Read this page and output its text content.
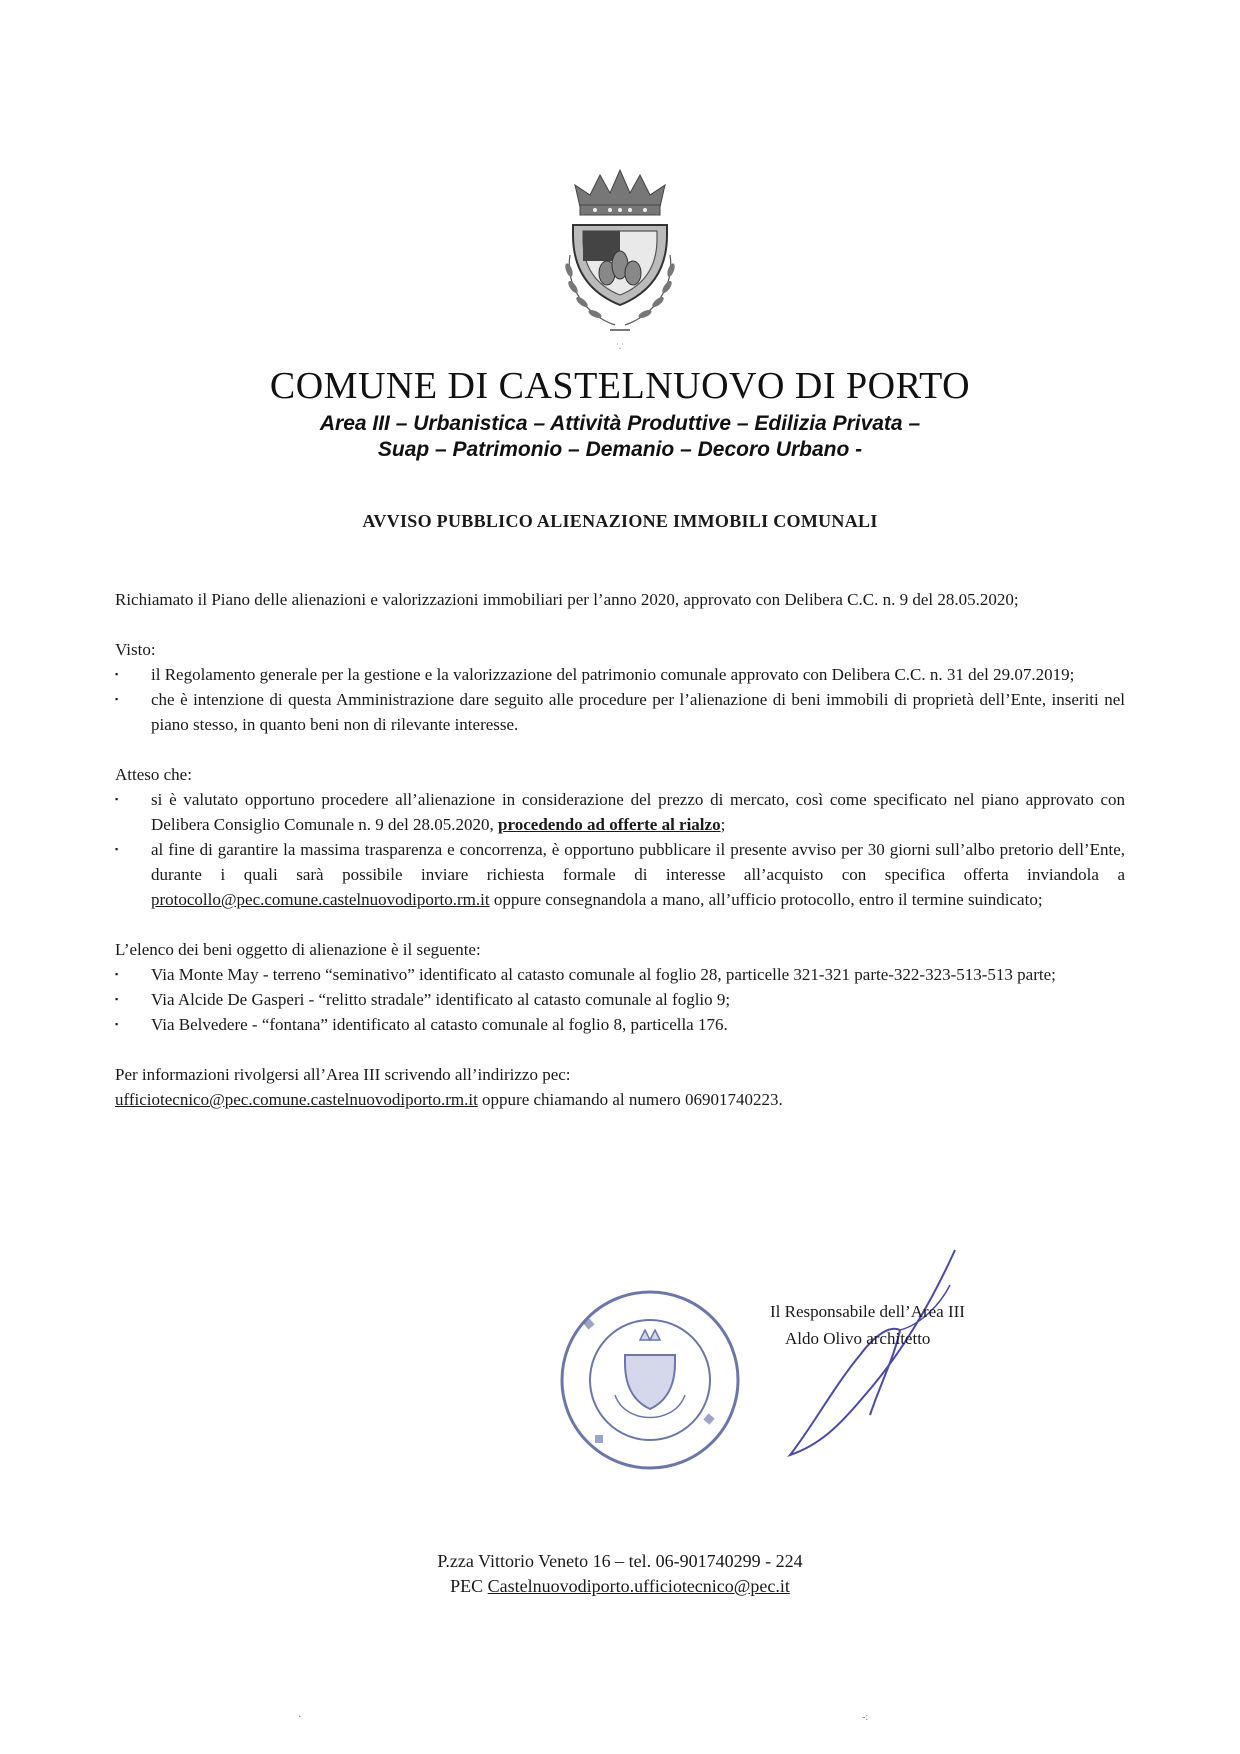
·‸·
COMUNE DI CASTELNUOVO DI PORTO
Area III – Urbanistica – Attività Produttive – Edilizia Privata –
Suap – Patrimonio – Demanio – Decoro Urbano -
AVVISO PUBBLICO ALIENAZIONE IMMOBILI COMUNALI

Richiamato il Piano delle alienazioni e valorizzazioni immobiliari per l’anno 2020, approvato con Delibera C.C. n. 9 del 28.05.2020;

Visto:

▪ il Regolamento generale per la gestione e la valorizzazione del patrimonio comunale approvato con Delibera C.C. n. 31 del 29.07.2019;
▪ che è intenzione di questa Amministrazione dare seguito alle procedure per l’alienazione di beni immobili di proprietà dell’Ente, inseriti nel piano stesso, in quanto beni non di rilevante interesse.

Atteso che:

▪ si è valutato opportuno procedere all’alienazione in considerazione del prezzo di mercato, così come specificato nel piano approvato con Delibera Consiglio Comunale n. 9 del 28.05.2020, procedendo ad offerte al rialzo;
▪ al fine di garantire la massima trasparenza e concorrenza, è opportuno pubblicare il presente avviso per 30 giorni sull’albo pretorio dell’Ente, durante i quali sarà possibile inviare richiesta formale di interesse all’acquisto con specifica offerta inviandola a protocollo@pec.comune.castelnuovodiporto.rm.it oppure consegnandola a mano, all’ufficio protocollo, entro il termine suindicato;

L’elenco dei beni oggetto di alienazione è il seguente:

▪ Via Monte May - terreno “seminativo” identificato al catasto comunale al foglio 28, particelle 321-321 parte-322-323-513-513 parte;
▪ Via Alcide De Gasperi - “relitto stradale” identificato al catasto comunale al foglio 9;
▪ Via Belvedere - “fontana” identificato al catasto comunale al foglio 8, particella 176.

Per informazioni rivolgersi all’Area III scrivendo all’indirizzo pec:

ufficiotecnico@pec.comune.castelnuovodiporto.rm.it oppure chiamando al numero 06901740223.

Il Responsabile dell’Area III
Aldo Olivo architetto
P.zza Vittorio Veneto 16 – tel. 06-901740299 - 224
PEC Castelnuovodiporto.ufficiotecnico@pec.it
·	-:
